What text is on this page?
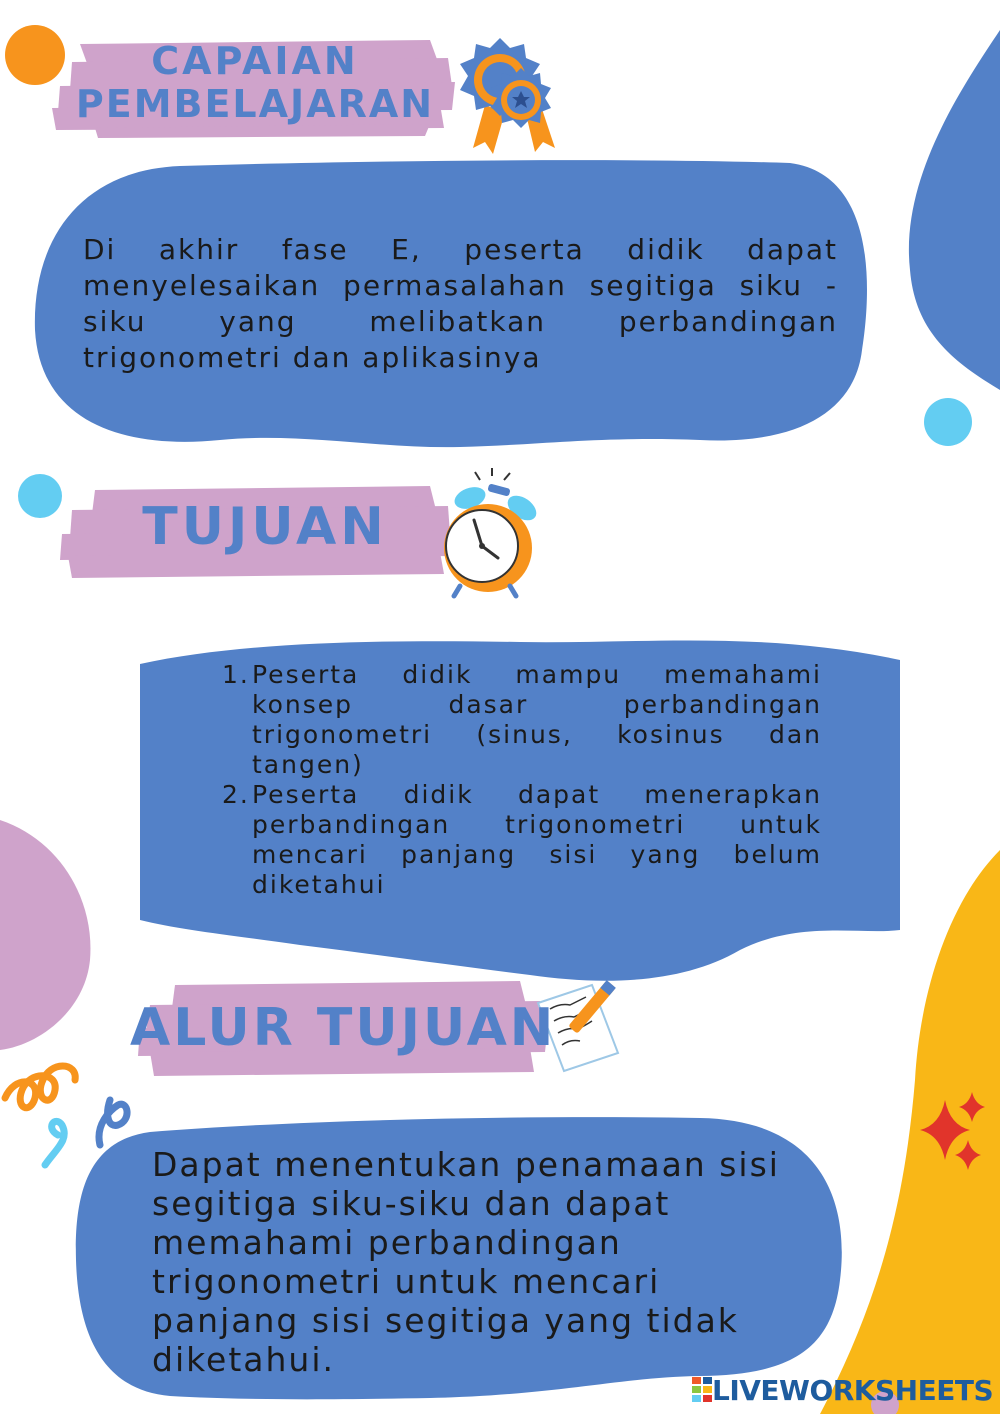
CAPAIAN

PEMBELAJARAN

TUJUAN

ALUR TUJUAN

Di akhir fase E, peserta didik dapat menyelesaikan permasalahan segitiga siku - siku yang melibatkan perbandingan trigonometri dan aplikasinya

1. Peserta didik mampu memahami konsep dasar perbandingan trigonometri (sinus, kosinus dan tangen)
2. Peserta didik dapat menerapkan perbandingan trigonometri untuk mencari panjang sisi yang belum diketahui

Dapat menentukan penamaan sisi segitiga siku-siku dan dapat memahami perbandingan trigonometri untuk mencari panjang sisi segitiga yang tidak diketahui.

LIVEWORKSHEETS
